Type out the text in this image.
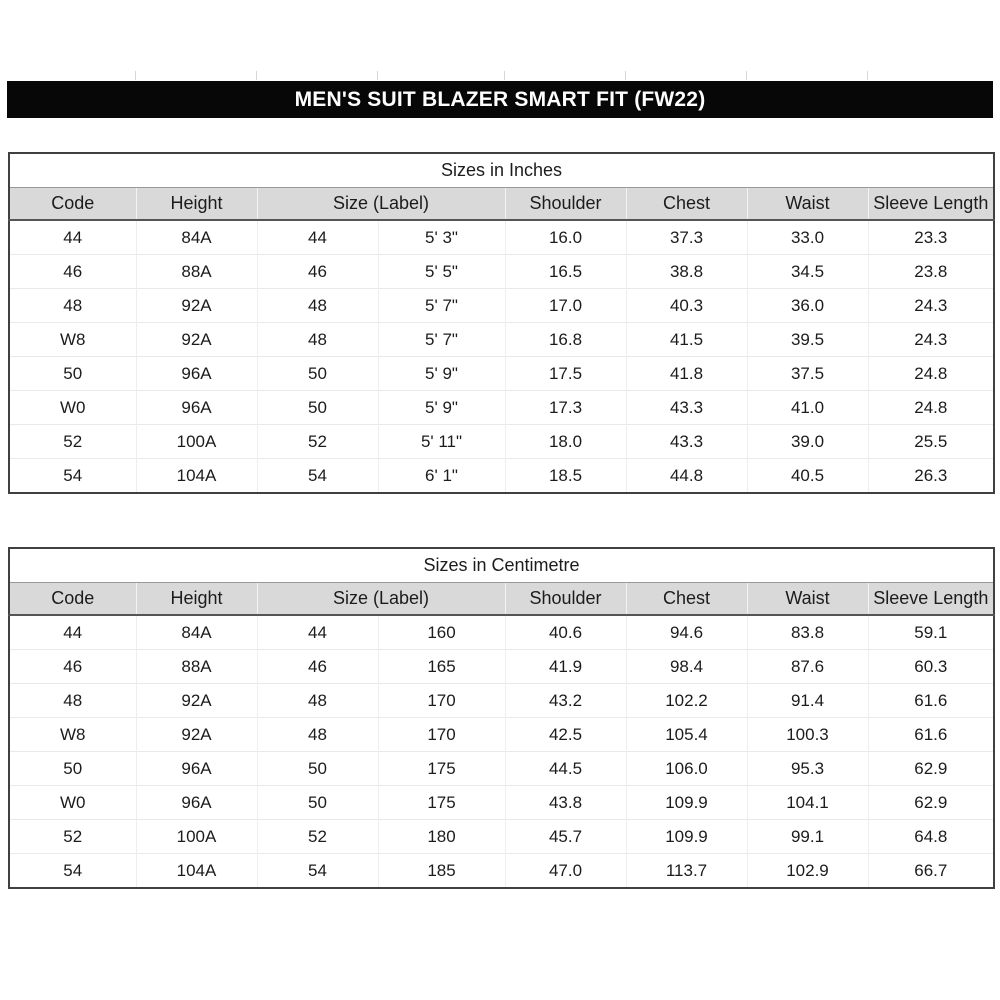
MEN'S SUIT BLAZER SMART FIT (FW22)
Sizes in Inches							
Code	Height	Size (Label)		Shoulder	Chest	Waist	Sleeve Length
44	84A	44	5' 3"	16.0	37.3	33.0	23.3
46	88A	46	5' 5"	16.5	38.8	34.5	23.8
48	92A	48	5' 7"	17.0	40.3	36.0	24.3
W8	92A	48	5' 7"	16.8	41.5	39.5	24.3
50	96A	50	5' 9"	17.5	41.8	37.5	24.8
W0	96A	50	5' 9"	17.3	43.3	41.0	24.8
52	100A	52	5' 11"	18.0	43.3	39.0	25.5
54	104A	54	6' 1"	18.5	44.8	40.5	26.3
Sizes in Centimetre							
Code	Height	Size (Label)		Shoulder	Chest	Waist	Sleeve Length
44	84A	44	160	40.6	94.6	83.8	59.1
46	88A	46	165	41.9	98.4	87.6	60.3
48	92A	48	170	43.2	102.2	91.4	61.6
W8	92A	48	170	42.5	105.4	100.3	61.6
50	96A	50	175	44.5	106.0	95.3	62.9
W0	96A	50	175	43.8	109.9	104.1	62.9
52	100A	52	180	45.7	109.9	99.1	64.8
54	104A	54	185	47.0	113.7	102.9	66.7
